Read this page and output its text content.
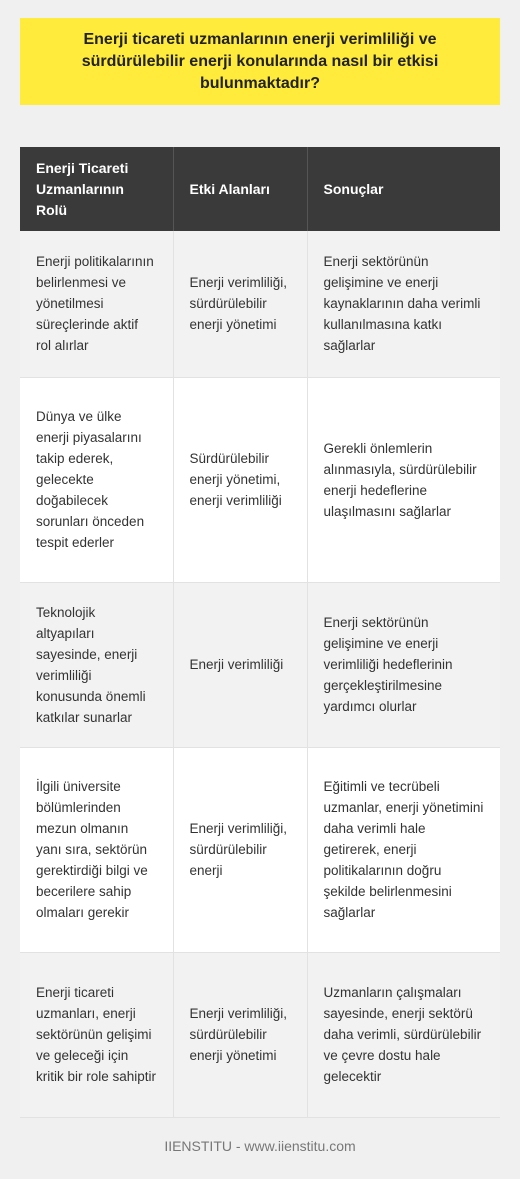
Enerji ticareti uzmanlarının enerji verimliliği ve sürdürülebilir enerji konularında nasıl bir etkisi bulunmaktadır?
Enerji Ticareti Uzmanlarının Rolü	Etki Alanları	Sonuçlar
Enerji politikalarının belirlenmesi ve yönetilmesi süreçlerinde aktif rol alırlar	Enerji verimliliği, sürdürülebilir enerji yönetimi	Enerji sektörünün gelişimine ve enerji kaynaklarının daha verimli kullanılmasına katkı sağlarlar
Dünya ve ülke enerji piyasalarını takip ederek, gelecekte doğabilecek sorunları önceden tespit ederler	Sürdürülebilir enerji yönetimi, enerji verimliliği	Gerekli önlemlerin alınmasıyla, sürdürülebilir enerji hedeflerine ulaşılmasını sağlarlar
Teknolojik altyapıları sayesinde, enerji verimliliği konusunda önemli katkılar sunarlar	Enerji verimliliği	Enerji sektörünün gelişimine ve enerji verimliliği hedeflerinin gerçekleştirilmesine yardımcı olurlar
İlgili üniversite bölümlerinden mezun olmanın yanı sıra, sektörün gerektirdiği bilgi ve becerilere sahip olmaları gerekir	Enerji verimliliği, sürdürülebilir enerji	Eğitimli ve tecrübeli uzmanlar, enerji yönetimini daha verimli hale getirerek, enerji politikalarının doğru şekilde belirlenmesini sağlarlar
Enerji ticareti uzmanları, enerji sektörünün gelişimi ve geleceği için kritik bir role sahiptir	Enerji verimliliği, sürdürülebilir enerji yönetimi	Uzmanların çalışmaları sayesinde, enerji sektörü daha verimli, sürdürülebilir ve çevre dostu hale gelecektir
IIENSTITU - www.iienstitu.com
